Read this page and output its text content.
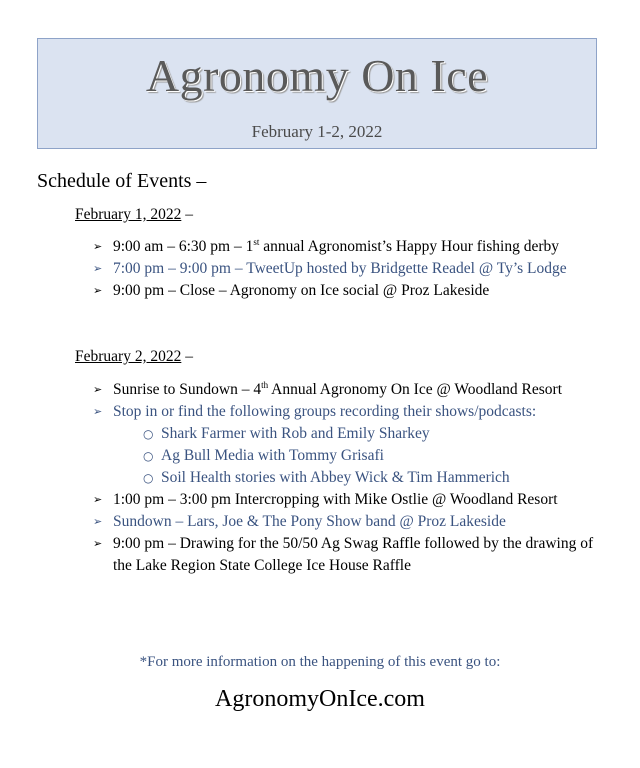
Agronomy On Ice
February 1-2, 2022
Schedule of Events –
February 1, 2022 –
➢ 9:00 am – 6:30 pm – 1st annual Agronomist’s Happy Hour fishing derby
➢ 7:00 pm – 9:00 pm – TweetUp hosted by Bridgette Readel @ Ty’s Lodge
➢ 9:00 pm – Close – Agronomy on Ice social @ Proz Lakeside
February 2, 2022 –
➢ Sunrise to Sundown – 4th Annual Agronomy On Ice @ Woodland Resort
➢ Stop in or find the following groups recording their shows/podcasts:
○ Shark Farmer with Rob and Emily Sharkey
○ Ag Bull Media with Tommy Grisafi
○ Soil Health stories with Abbey Wick & Tim Hammerich
➢ 1:00 pm – 3:00 pm Intercropping with Mike Ostlie @ Woodland Resort
➢ Sundown – Lars, Joe & The Pony Show band @ Proz Lakeside
➢ 9:00 pm – Drawing for the 50/50 Ag Swag Raffle followed by the drawing of the Lake Region State College Ice House Raffle
*For more information on the happening of this event go to:
AgronomyOnIce.com
